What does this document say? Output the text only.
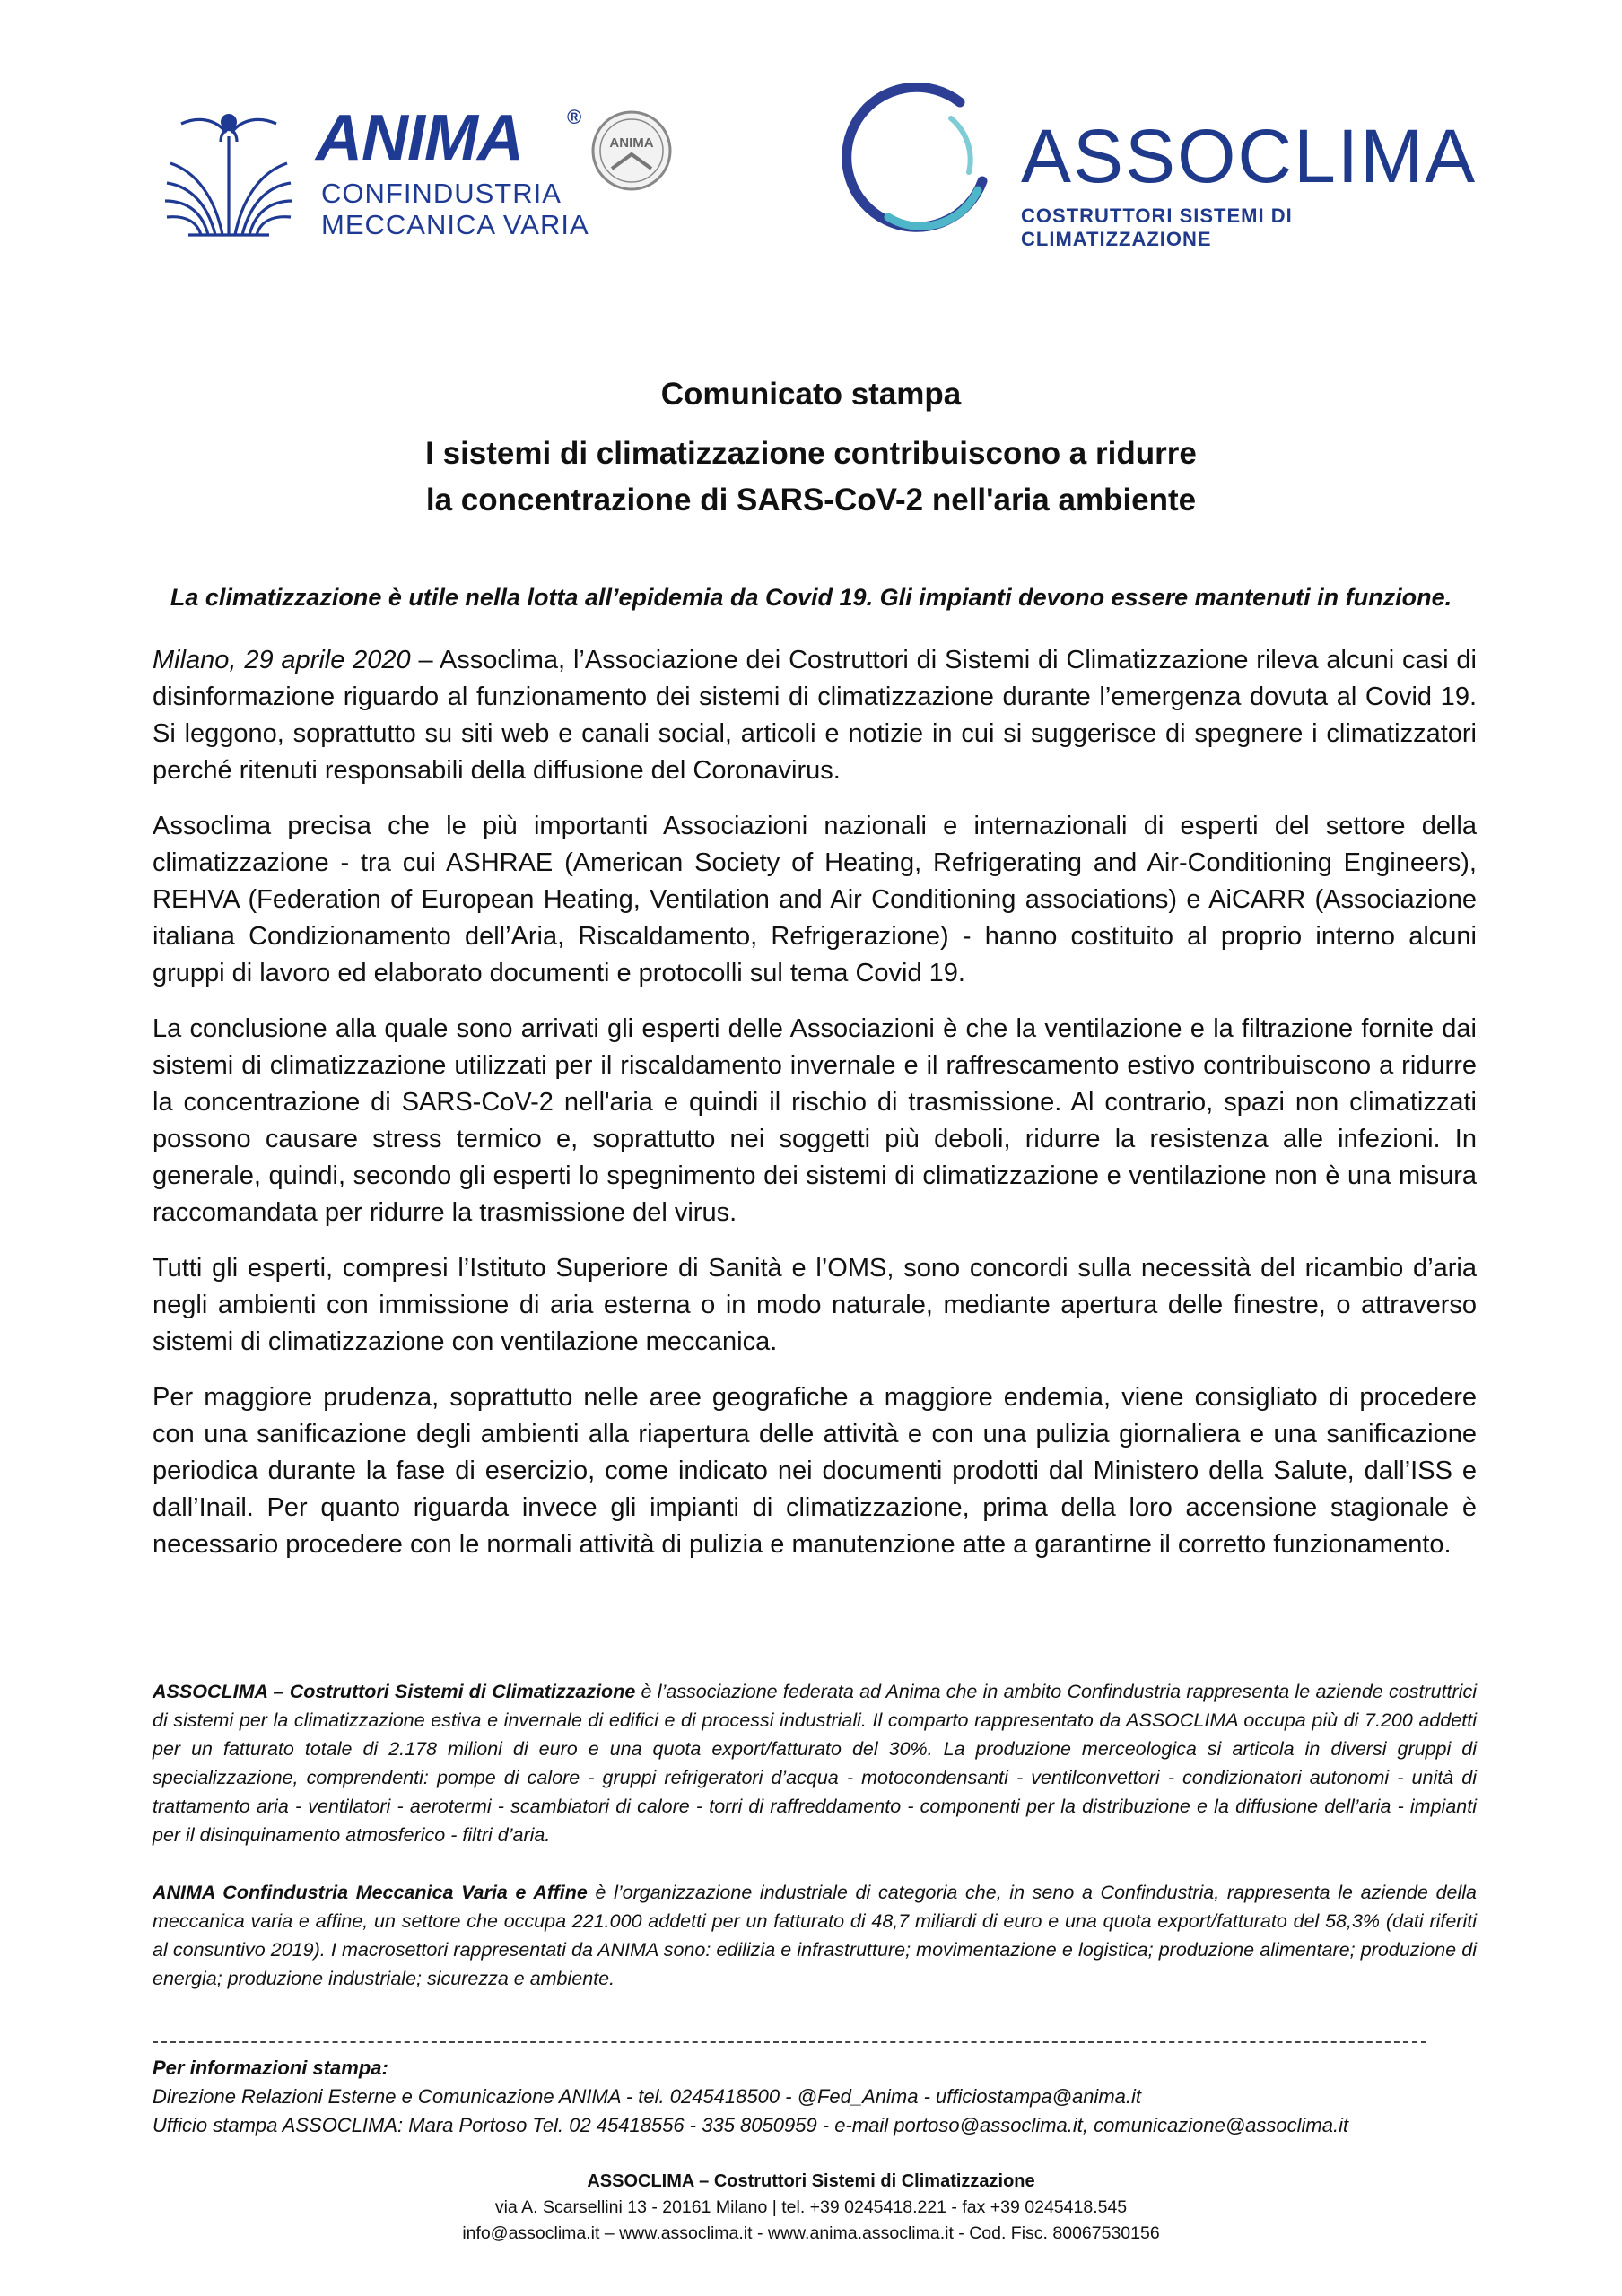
ANIMA ®
CONFINDUSTRIA
MECCANICA VARIA
ANIMA	ASSOCLIMA
COSTRUTTORI SISTEMI DI CLIMATIZZAZIONE
Comunicato stampa
I sistemi di climatizzazione contribuiscono a ridurre
la concentrazione di SARS-CoV-2 nell'aria ambiente
La climatizzazione è utile nella lotta all’epidemia da Covid 19. Gli impianti devono essere mantenuti in funzione.

Milano, 29 aprile 2020 – Assoclima, l’Associazione dei Costruttori di Sistemi di Climatizzazione rileva alcuni casi di disinformazione riguardo al funzionamento dei sistemi di climatizzazione durante l’emergenza dovuta al Covid 19. Si leggono, soprattutto su siti web e canali social, articoli e notizie in cui si suggerisce di spegnere i climatizzatori perché ritenuti responsabili della diffusione del Coronavirus.

Assoclima precisa che le più importanti Associazioni nazionali e internazionali di esperti del settore della climatizzazione - tra cui ASHRAE (American Society of Heating, Refrigerating and Air-Conditioning Engineers), REHVA (Federation of European Heating, Ventilation and Air Conditioning associations) e AiCARR (Associazione italiana Condizionamento dell’Aria, Riscaldamento, Refrigerazione) - hanno costituito al proprio interno alcuni gruppi di lavoro ed elaborato documenti e protocolli sul tema Covid 19.

La conclusione alla quale sono arrivati gli esperti delle Associazioni è che la ventilazione e la filtrazione fornite dai sistemi di climatizzazione utilizzati per il riscaldamento invernale e il raffrescamento estivo contribuiscono a ridurre la concentrazione di SARS-CoV-2 nell'aria e quindi il rischio di trasmissione. Al contrario, spazi non climatizzati possono causare stress termico e, soprattutto nei soggetti più deboli, ridurre la resistenza alle infezioni. In generale, quindi, secondo gli esperti lo spegnimento dei sistemi di climatizzazione e ventilazione non è una misura raccomandata per ridurre la trasmissione del virus.

Tutti gli esperti, compresi l’Istituto Superiore di Sanità e l’OMS, sono concordi sulla necessità del ricambio d’aria negli ambienti con immissione di aria esterna o in modo naturale, mediante apertura delle finestre, o attraverso sistemi di climatizzazione con ventilazione meccanica.

Per maggiore prudenza, soprattutto nelle aree geografiche a maggiore endemia, viene consigliato di procedere con una sanificazione degli ambienti alla riapertura delle attività e con una pulizia giornaliera e una sanificazione periodica durante la fase di esercizio, come indicato nei documenti prodotti dal Ministero della Salute, dall’ISS e dall’Inail. Per quanto riguarda invece gli impianti di climatizzazione, prima della loro accensione stagionale è necessario procedere con le normali attività di pulizia e manutenzione atte a garantirne il corretto funzionamento.

ASSOCLIMA – Costruttori Sistemi di Climatizzazione è l’associazione federata ad Anima che in ambito Confindustria rappresenta le aziende costruttrici di sistemi per la climatizzazione estiva e invernale di edifici e di processi industriali. Il comparto rappresentato da ASSOCLIMA occupa più di 7.200 addetti per un fatturato totale di 2.178 milioni di euro e una quota export/fatturato del 30%. La produzione merceologica si articola in diversi gruppi di specializzazione, comprendenti: pompe di calore - gruppi refrigeratori d’acqua - motocondensanti - ventilconvettori - condizionatori autonomi - unità di trattamento aria - ventilatori - aerotermi - scambiatori di calore - torri di raffreddamento - componenti per la distribuzione e la diffusione dell’aria - impianti per il disinquinamento atmosferico - filtri d’aria.

ANIMA Confindustria Meccanica Varia e Affine è l’organizzazione industriale di categoria che, in seno a Confindustria, rappresenta le aziende della meccanica varia e affine, un settore che occupa 221.000 addetti per un fatturato di 48,7 miliardi di euro e una quota export/fatturato del 58,3% (dati riferiti al consuntivo 2019). I macrosettori rappresentati da ANIMA sono: edilizia e infrastrutture; movimentazione e logistica; produzione alimentare; produzione di energia; produzione industriale; sicurezza e ambiente.

Per informazioni stampa:
Direzione Relazioni Esterne e Comunicazione ANIMA - tel. 0245418500 - @Fed_Anima - ufficiostampa@anima.it
Ufficio stampa ASSOCLIMA: Mara Portoso Tel. 02 45418556 - 335 8050959 - e-mail portoso@assoclima.it, comunicazione@assoclima.it
ASSOCLIMA – Costruttori Sistemi di Climatizzazione
via A. Scarsellini 13 - 20161 Milano | tel. +39 0245418.221 - fax +39 0245418.545
info@assoclima.it – www.assoclima.it - www.anima.assoclima.it - Cod. Fisc. 80067530156
